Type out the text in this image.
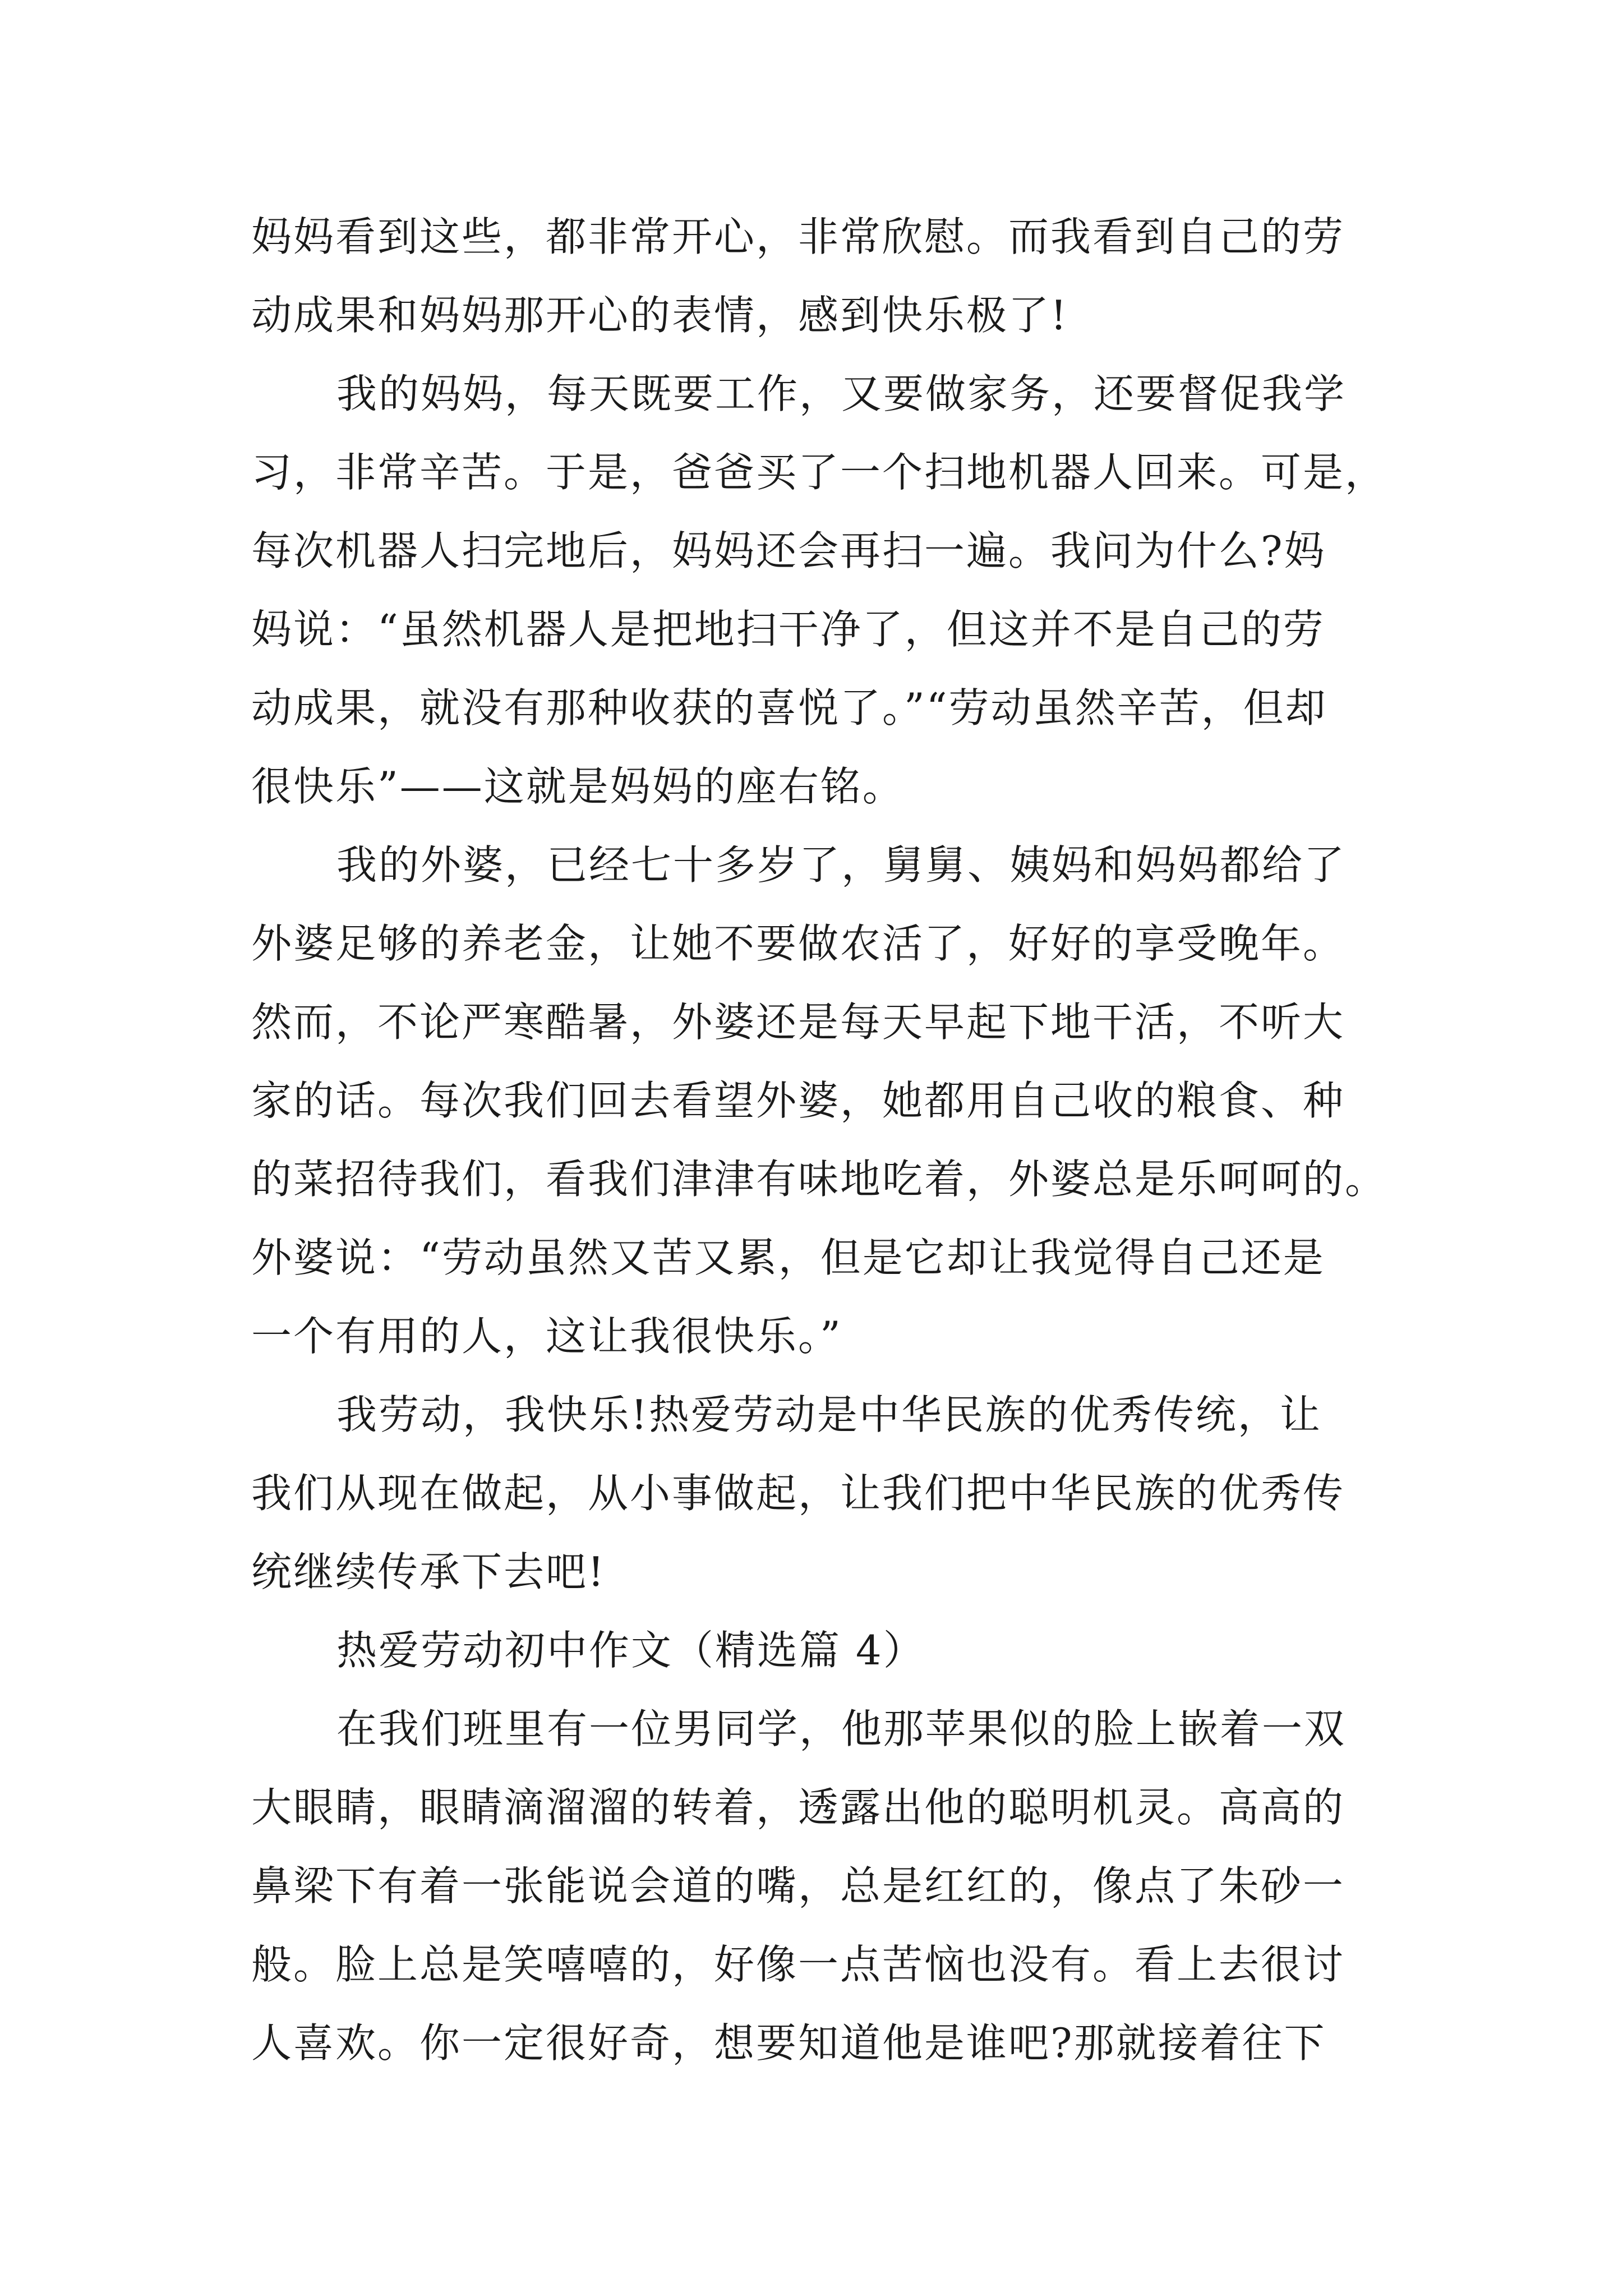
妈妈看到这些，都非常开心，非常欣慰。而我看到自己的劳
动成果和妈妈那开心的表情，感到快乐极了!
我的妈妈，每天既要工作，又要做家务，还要督促我学
习，非常辛苦。于是，爸爸买了一个扫地机器人回来。可是，
每次机器人扫完地后，妈妈还会再扫一遍。我问为什么?妈
妈说：“虽然机器人是把地扫干净了，但这并不是自己的劳
动成果，就没有那种收获的喜悦了。”“劳动虽然辛苦，但却
很快乐”——这就是妈妈的座右铭。
我的外婆，已经七十多岁了，舅舅、姨妈和妈妈都给了
外婆足够的养老金，让她不要做农活了，好好的享受晚年。
然而，不论严寒酷暑，外婆还是每天早起下地干活，不听大
家的话。每次我们回去看望外婆，她都用自己收的粮食、种
的菜招待我们，看我们津津有味地吃着，外婆总是乐呵呵的。
外婆说：“劳动虽然又苦又累，但是它却让我觉得自己还是
一个有用的人，这让我很快乐。”
我劳动，我快乐!热爱劳动是中华民族的优秀传统，让
我们从现在做起，从小事做起，让我们把中华民族的优秀传
统继续传承下去吧!
热爱劳动初中作文（精选篇 4）
在我们班里有一位男同学，他那苹果似的脸上嵌着一双
大眼睛，眼睛滴溜溜的转着，透露出他的聪明机灵。高高的
鼻梁下有着一张能说会道的嘴，总是红红的，像点了朱砂一
般。脸上总是笑嘻嘻的，好像一点苦恼也没有。看上去很讨
人喜欢。你一定很好奇，想要知道他是谁吧?那就接着往下
